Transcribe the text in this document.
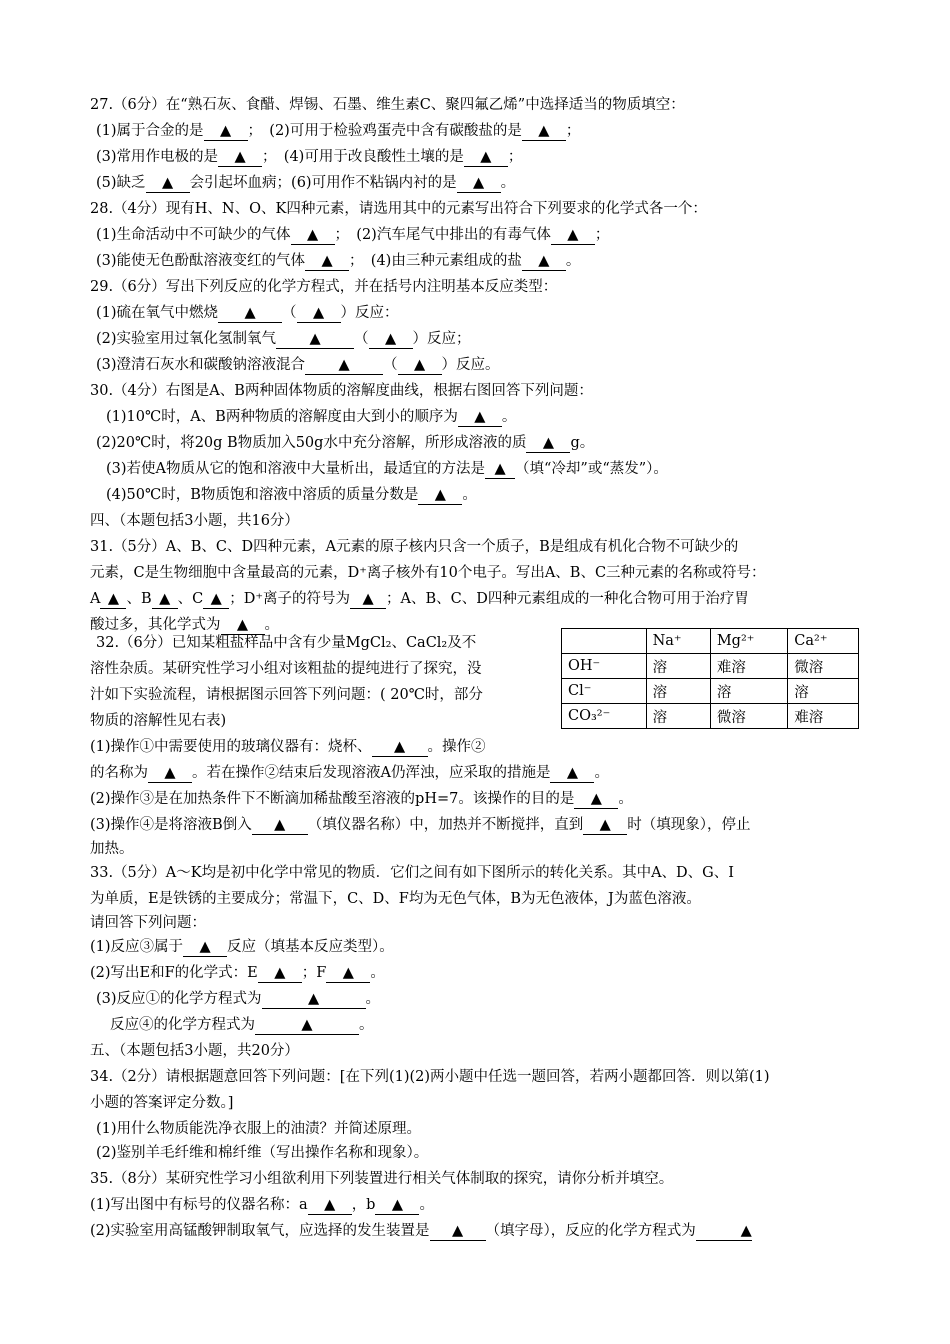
27.（6分）在“熟石灰、食醋、焊锡、石墨、维生素C、聚四氟乙烯”中选择适当的物质填空：
(1)属于合金的是 ▲ ；　(2)可用于检验鸡蛋壳中含有碳酸盐的是 ▲ ；
(3)常用作电极的是 ▲ ；　(4)可用于改良酸性土壤的是 ▲ ；
(5)缺乏 ▲ 会引起坏血病；(6)可用作不粘锅内衬的是 ▲ 。
28.（4分）现有H、N、O、K四种元素，请选用其中的元素写出符合下列要求的化学式各一个：
(1)生命活动中不可缺少的气体 ▲ ；　(2)汽车尾气中排出的有毒气体 ▲ ；
(3)能使无色酚酞溶液变红的气体 ▲ ；　(4)由三种元素组成的盐 ▲ 。
29.（6分）写出下列反应的化学方程式，并在括号内注明基本反应类型：
(1)硫在氧气中燃烧 ▲ （ ▲ ）反应：
(2)实验室用过氧化氢制氧气 ▲ （ ▲ ）反应；
(3)澄清石灰水和碳酸钠溶液混合 ▲ （ ▲ ）反应。
30.（4分）右图是A、B两种固体物质的溶解度曲线，根据右图回答下列问题：
(1)10℃时，A、B两种物质的溶解度由大到小的顺序为 ▲ 。
(2)20℃时，将20g B物质加入50g水中充分溶解，所形成溶液的质 ▲ g。
(3)若使A物质从它的饱和溶液中大量析出，最适宜的方法是 ▲ （填“冷却”或“蒸发”）。
(4)50℃时，B物质饱和溶液中溶质的质量分数是 ▲ 。
四、（本题包括3小题，共16分）
31.（5分）A、B、C、D四种元素，A元素的原子核内只含一个质子，B是组成有机化合物不可缺少的
元素，C是生物细胞中含量最高的元素，D⁺离子核外有10个电子。写出A、B、C三种元素的名称或符号：
A ▲ 、B ▲ 、C ▲ ；D⁺离子的符号为 ▲ ；A、B、C、D四种元素组成的一种化合物可用于治疗胃
酸过多，其化学式为 ▲ 。
32.（6分）已知某粗盐样品中含有少量MgCl₂、CaCl₂及不
溶性杂质。某研究性学习小组对该粗盐的提纯进行了探究，没
汁如下实验流程，请根据图示回答下列问题：( 20℃时，部分
物质的溶解性见右表)
(1)操作①中需要使用的玻璃仪器有：烧杯、 ▲ 。操作②
的名称为 ▲ 。若在操作②结束后发现溶液A仍浑浊，应采取的措施是 ▲ 。
(2)操作③是在加热条件下不断滴加稀盐酸至溶液的pH=7。该操作的目的是 ▲ 。
(3)操作④是将溶液B倒入 ▲ （填仪器名称）中，加热并不断搅拌，直到 ▲ 时（填现象），停止
加热。
	Na⁺	Mg²⁺	Ca²⁺
OH⁻	溶	难溶	微溶
Cl⁻	溶	溶	溶
CO₃²⁻	溶	微溶	难溶
33.（5分）A～K均是初中化学中常见的物质．它们之间有如下图所示的转化关系。其中A、D、G、I
为单质，E是铁锈的主要成分；常温下，C、D、F均为无色气体，B为无色液体，J为蓝色溶液。
请回答下列问题：
(1)反应③属于 ▲ 反应（填基本反应类型）。
(2)写出E和F的化学式：E ▲ ；F ▲ 。
(3)反应①的化学方程式为	▲	。
反应④的化学方程式为	▲	。
五、（本题包括3小题，共20分）
34.（2分）请根据题意回答下列问题：[在下列(1)(2)两小题中任选一题回答，若两小题都回答．则以第(1)
小题的答案评定分数。]
(1)用什么物质能洗净衣服上的油渍？并简述原理。
(2)鉴别羊毛纤维和棉纤维（写出操作名称和现象）。
35.（8分）某研究性学习小组欲利用下列装置进行相关气体制取的探究，请你分析并填空。
(1)写出图中有标号的仪器名称：a ▲ ，b ▲ 。
(2)实验室用高锰酸钾制取氧气，应选择的发生装置是 ▲ （填字母），反应的化学方程式为	▲
